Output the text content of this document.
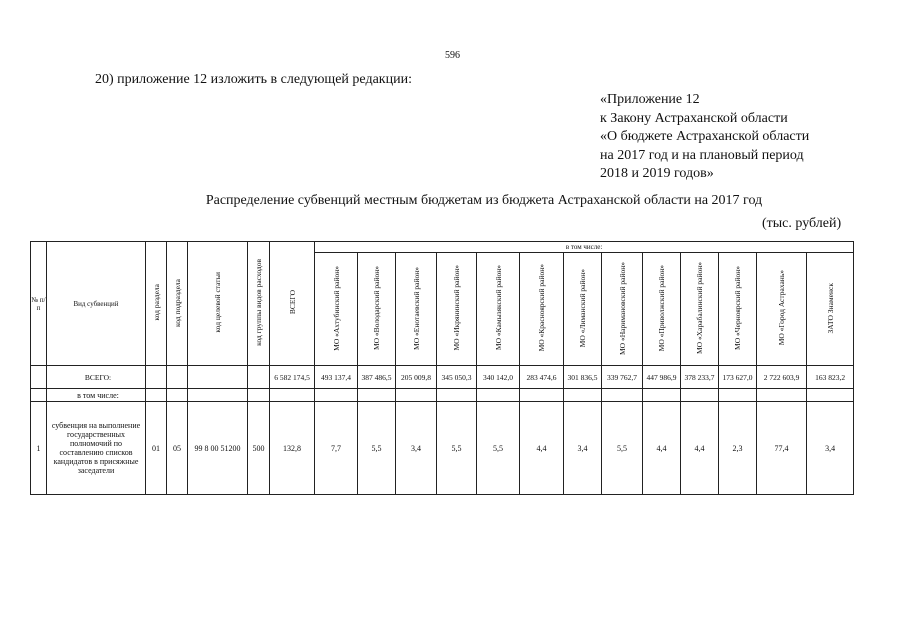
596
20) приложение 12 изложить в следующей редакции:
«Приложение 12
к Закону Астраханской области
«О бюджете Астраханской области
на 2017 год и на плановый период
2018 и 2019 годов»
Распределение субвенций местным бюджетам из бюджета Астраханской области на 2017 год
(тыс. рублей)
№ п/п	Вид субвенций	код раздела	код подраздела	код целевой статьи	код группы видов расходов	ВСЕГО	в том числе:												
							МО «Ахтубинский район»	МО «Володарский район»	МО «Енотаевский район»	МО «Икрянинский район»	МО «Камызякский район»	МО «Красноярский район»	МО «Лиманский район»	МО «Наримановский район»	МО «Приволжский район»	МО «Харабалинский район»	МО «Черноярский район»	МО «Город Астрахань»	ЗАТО Знаменск
	ВСЕГО:					6 582 174,5	493 137,4	387 486,5	205 009,8	345 050,3	340 142,0	283 474,6	301 836,5	339 762,7	447 986,9	378 233,7	173 627,0	2 722 603,9	163 823,2
	в том числе:																		
1	субвенция на выполнение государственных полномочий по составлению списков кандидатов в присяжные заседатели	01	05	99 8 00 51200	500	132,8	7,7	5,5	3,4	5,5	5,5	4,4	3,4	5,5	4,4	4,4	2,3	77,4	3,4
